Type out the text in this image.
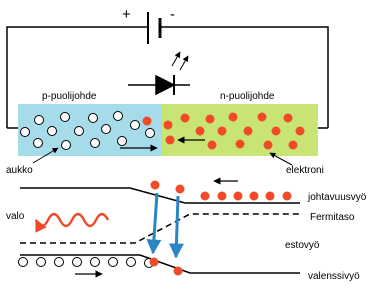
+	-
p-puolijohde	n-puolijohde
aukko	elektroni
valo
johtavuusvyö
Fermitaso
estovyö
valenssivyö
